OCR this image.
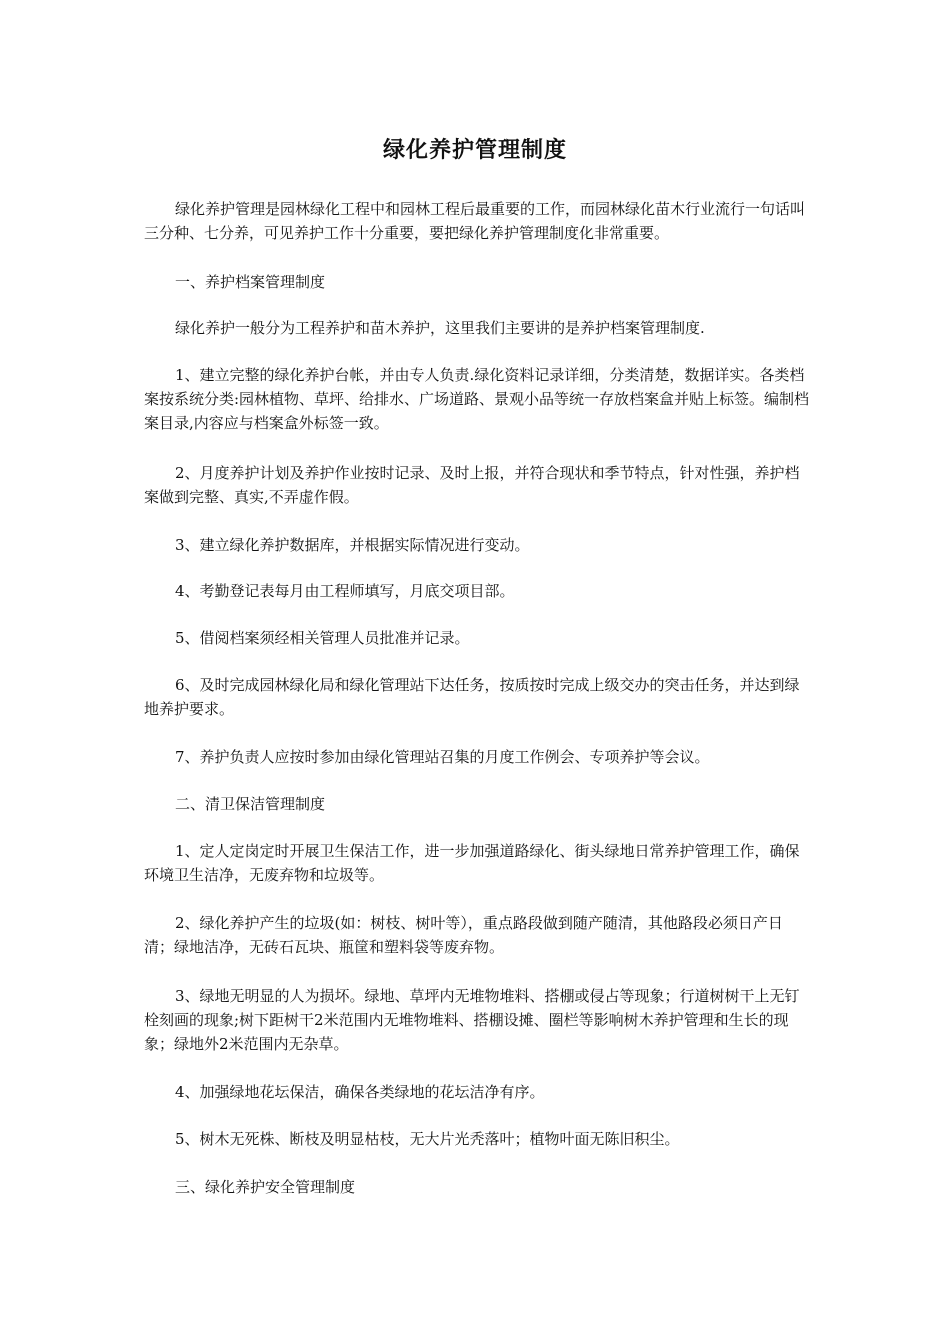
绿化养护管理制度

绿化养护管理是园林绿化工程中和园林工程后最重要的工作，而园林绿化苗木行业流行一句话叫三分种、七分养，可见养护工作十分重要，要把绿化养护管理制度化非常重要。

一、养护档案管理制度

绿化养护一般分为工程养护和苗木养护，这里我们主要讲的是养护档案管理制度.

1、建立完整的绿化养护台帐，并由专人负责.绿化资料记录详细，分类清楚，数据详实。各类档案按系统分类:园林植物、草坪、给排水、广场道路、景观小品等统一存放档案盒并贴上标签。编制档案目录,内容应与档案盒外标签一致。

2、月度养护计划及养护作业按时记录、及时上报，并符合现状和季节特点，针对性强，养护档案做到完整、真实,不弄虚作假。

3、建立绿化养护数据库，并根据实际情况进行变动。

4、考勤登记表每月由工程师填写，月底交项目部。

5、借阅档案须经相关管理人员批准并记录。

6、及时完成园林绿化局和绿化管理站下达任务，按质按时完成上级交办的突击任务，并达到绿地养护要求。

7、养护负责人应按时参加由绿化管理站召集的月度工作例会、专项养护等会议。

二、清卫保洁管理制度

1、定人定岗定时开展卫生保洁工作，进一步加强道路绿化、街头绿地日常养护管理工作，确保环境卫生洁净，无废弃物和垃圾等。

2、绿化养护产生的垃圾(如：树枝、树叶等），重点路段做到随产随清，其他路段必须日产日清；绿地洁净，无砖石瓦块、瓶筐和塑料袋等废弃物。

3、绿地无明显的人为损坏。绿地、草坪内无堆物堆料、搭棚或侵占等现象；行道树树干上无钉栓刻画的现象;树下距树干2米范围内无堆物堆料、搭棚设摊、圈栏等影响树木养护管理和生长的现象；绿地外2米范围内无杂草。

4、加强绿地花坛保洁，确保各类绿地的花坛洁净有序。

5、树木无死株、断枝及明显枯枝，无大片光秃落叶；植物叶面无陈旧积尘。

三、绿化养护安全管理制度
